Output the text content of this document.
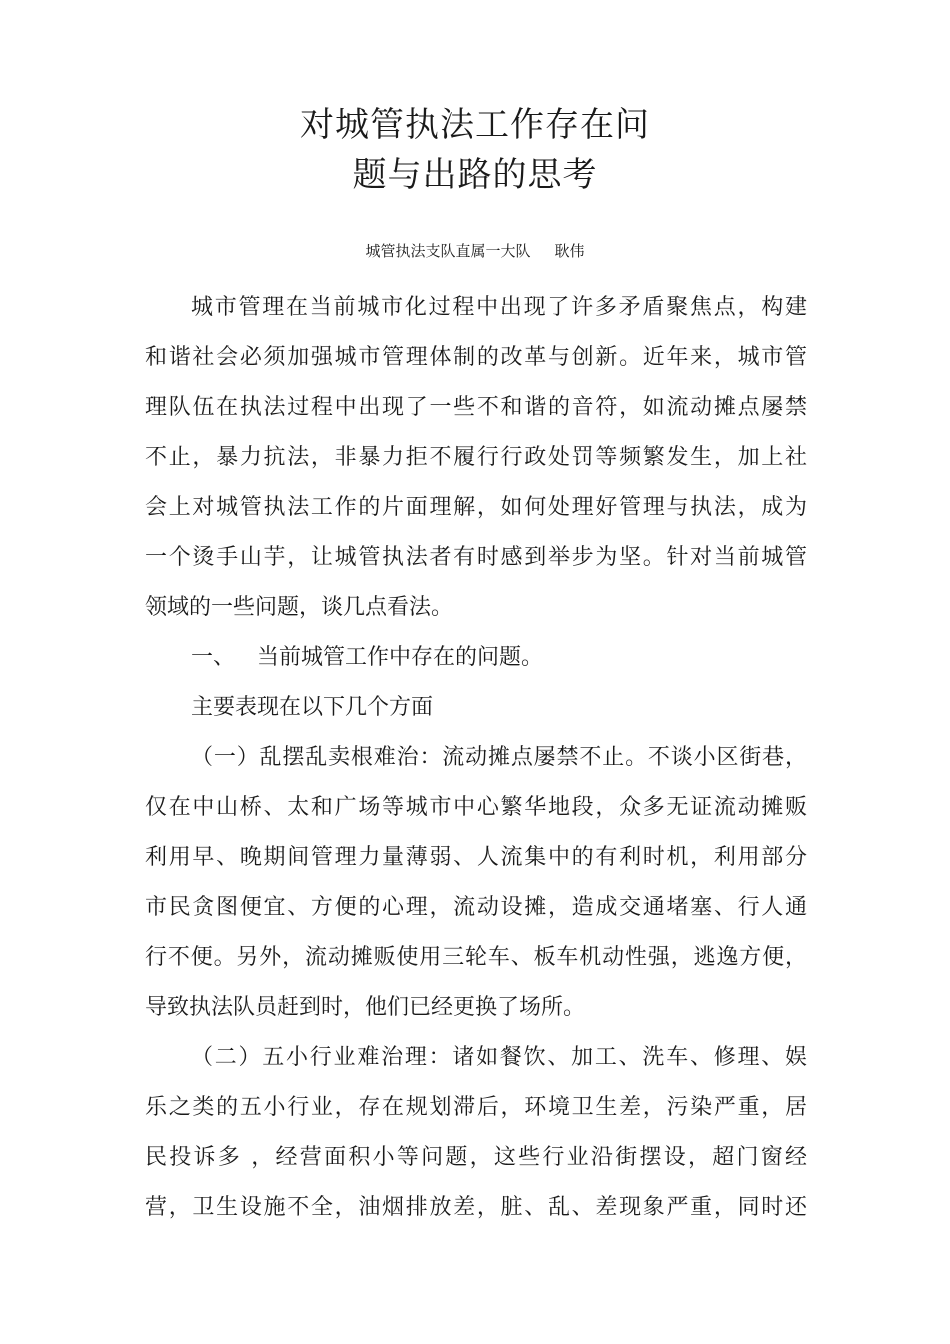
对城管执法工作存在问
题与出路的思考
城管执法支队直属一大队 耿伟
城市管理在当前城市化过程中出现了许多矛盾聚焦点，构建
和谐社会必须加强城市管理体制的改革与创新。近年来，城市管
理队伍在执法过程中出现了一些不和谐的音符，如流动摊点屡禁
不止，暴力抗法，非暴力拒不履行行政处罚等频繁发生，加上社
会上对城管执法工作的片面理解，如何处理好管理与执法，成为
一个烫手山芋，让城管执法者有时感到举步为坚。针对当前城管
领域的一些问题，谈几点看法。
一、 当前城管工作中存在的问题。
主要表现在以下几个方面
（一）乱摆乱卖根难治：流动摊点屡禁不止。不谈小区街巷，
仅在中山桥、太和广场等城市中心繁华地段，众多无证流动摊贩
利用早、晚期间管理力量薄弱、人流集中的有利时机，利用部分
市民贪图便宜、方便的心理，流动设摊，造成交通堵塞、行人通
行不便。另外，流动摊贩使用三轮车、板车机动性强，逃逸方便，
导致执法队员赶到时，他们已经更换了场所。
（二）五小行业难治理：诸如餐饮、加工、洗车、修理、娱
乐之类的五小行业，存在规划滞后，环境卫生差，污染严重，居
民投诉多 ，经营面积小等问题，这些行业沿街摆设，超门窗经
营，卫生设施不全，油烟排放差，脏、乱、差现象严重，同时还
